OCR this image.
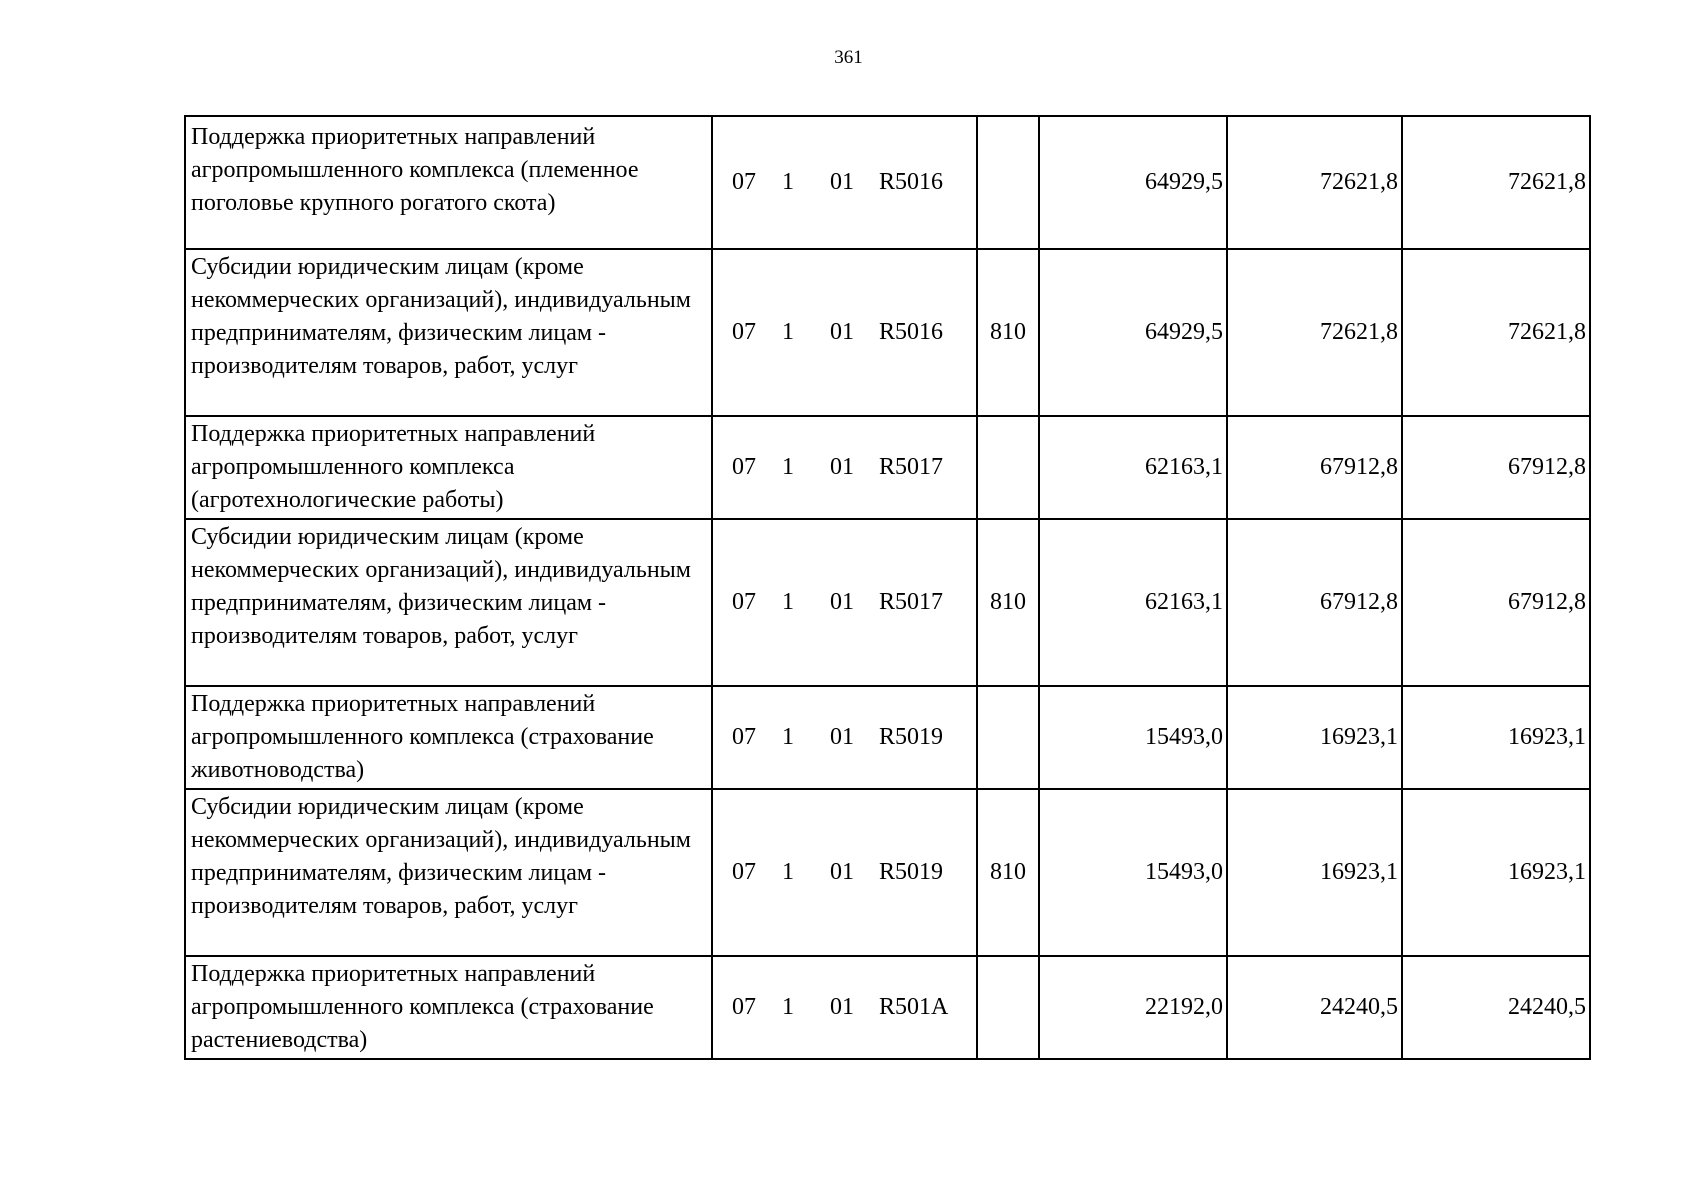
361
Поддержка приоритетных направлений агропромышленного комплекса (племенное поголовье крупного рогатого скота)	07 1 01	R5016		64929,5	72621,8	72621,8
Субсидии юридическим лицам (кроме некоммерческих организаций), индивидуальным предпринимателям, физическим лицам - производителям товаров, работ, услуг	07 1 01	R5016	810	64929,5	72621,8	72621,8
Поддержка приоритетных направлений агропромышленного комплекса (агротехнологические работы)	07 1 01	R5017		62163,1	67912,8	67912,8
Субсидии юридическим лицам (кроме некоммерческих организаций), индивидуальным предпринимателям, физическим лицам - производителям товаров, работ, услуг	07 1 01	R5017	810	62163,1	67912,8	67912,8
Поддержка приоритетных направлений агропромышленного комплекса (страхование животноводства)	07 1 01	R5019		15493,0	16923,1	16923,1
Субсидии юридическим лицам (кроме некоммерческих организаций), индивидуальным предпринимателям, физическим лицам - производителям товаров, работ, услуг	07 1 01	R5019	810	15493,0	16923,1	16923,1
Поддержка приоритетных направлений агропромышленного комплекса (страхование растениеводства)	07 1 01	R501A		22192,0	24240,5	24240,5
